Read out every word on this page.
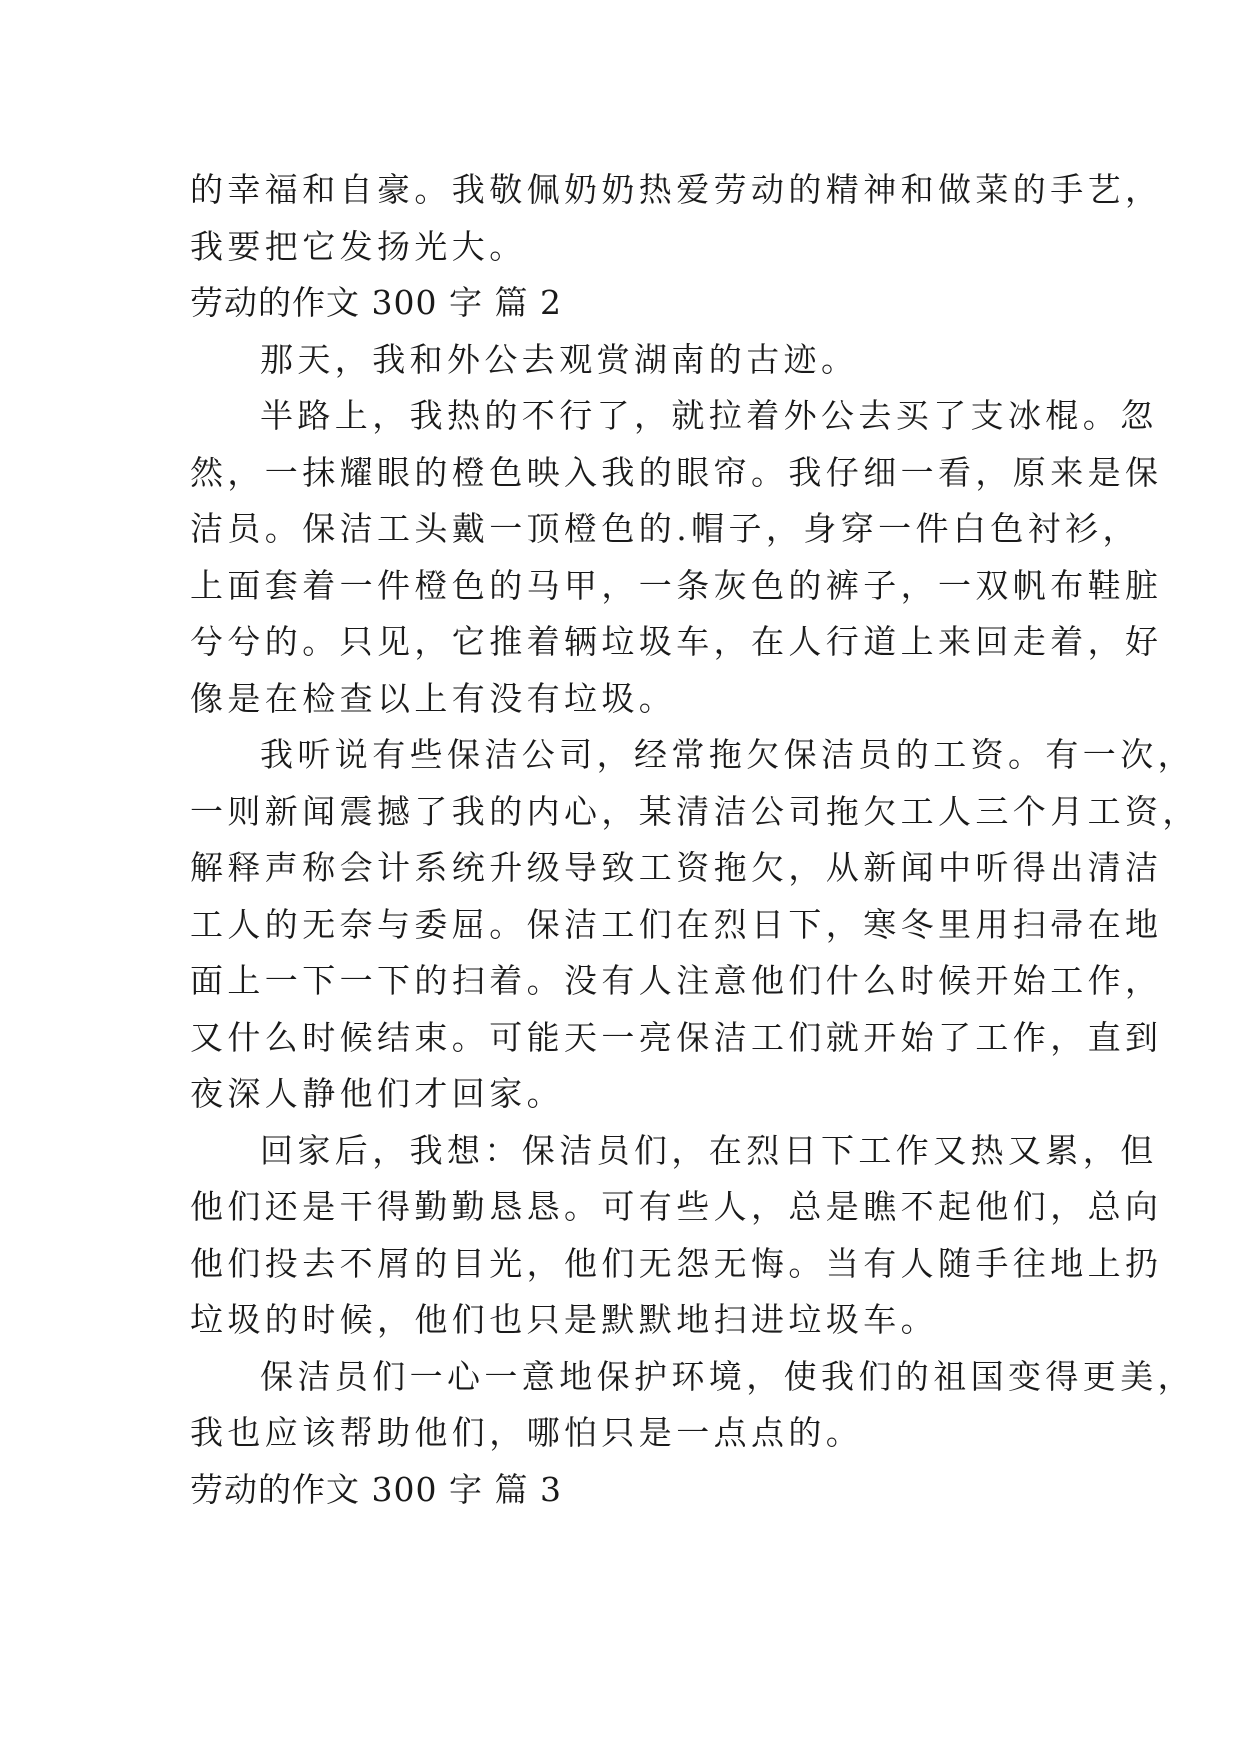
的幸福和自豪。我敬佩奶奶热爱劳动的精神和做菜的手艺，
我要把它发扬光大。
劳动的作文 300 字 篇 2
那天，我和外公去观赏湖南的古迹。
半路上，我热的不行了，就拉着外公去买了支冰棍。忽
然，一抹耀眼的橙色映入我的眼帘。我仔细一看，原来是保
洁员。保洁工头戴一顶橙色的.帽子，身穿一件白色衬衫，
上面套着一件橙色的马甲，一条灰色的裤子，一双帆布鞋脏
兮兮的。只见，它推着辆垃圾车，在人行道上来回走着，好
像是在检查以上有没有垃圾。
我听说有些保洁公司，经常拖欠保洁员的工资。有一次，
一则新闻震撼了我的内心，某清洁公司拖欠工人三个月工资，
解释声称会计系统升级导致工资拖欠，从新闻中听得出清洁
工人的无奈与委屈。保洁工们在烈日下，寒冬里用扫帚在地
面上一下一下的扫着。没有人注意他们什么时候开始工作，
又什么时候结束。可能天一亮保洁工们就开始了工作，直到
夜深人静他们才回家。
回家后，我想：保洁员们，在烈日下工作又热又累，但
他们还是干得勤勤恳恳。可有些人，总是瞧不起他们，总向
他们投去不屑的目光，他们无怨无悔。当有人随手往地上扔
垃圾的时候，他们也只是默默地扫进垃圾车。
保洁员们一心一意地保护环境，使我们的祖国变得更美，
我也应该帮助他们，哪怕只是一点点的。
劳动的作文 300 字 篇 3
